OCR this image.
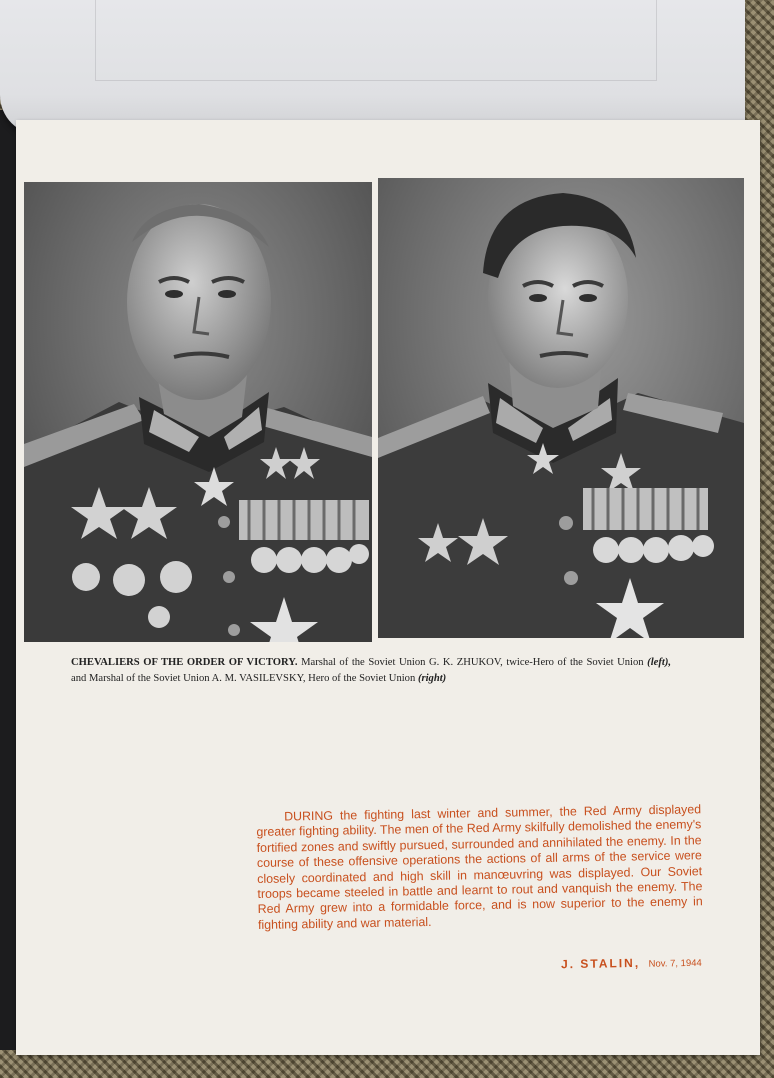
CHEVALIERS OF THE ORDER OF VICTORY. Marshal of the Soviet Union G. K. ZHUKOV, twice-Hero of the Soviet Union (left), and Marshal of the Soviet Union A. M. VASILEVSKY, Hero of the Soviet Union (right)
DURING the fighting last winter and summer, the Red Army displayed greater fighting ability. The men of the Red Army skilfully demolished the enemy's fortified zones and swiftly pursued, surrounded and annihilated the enemy. In the course of these offensive operations the actions of all arms of the service were closely coordinated and high skill in manœuvring was displayed. Our Soviet troops became steeled in battle and learnt to rout and vanquish the enemy. The Red Army grew into a formidable force, and is now superior to the enemy in fighting ability and war material.
J. STALIN, Nov. 7, 1944
